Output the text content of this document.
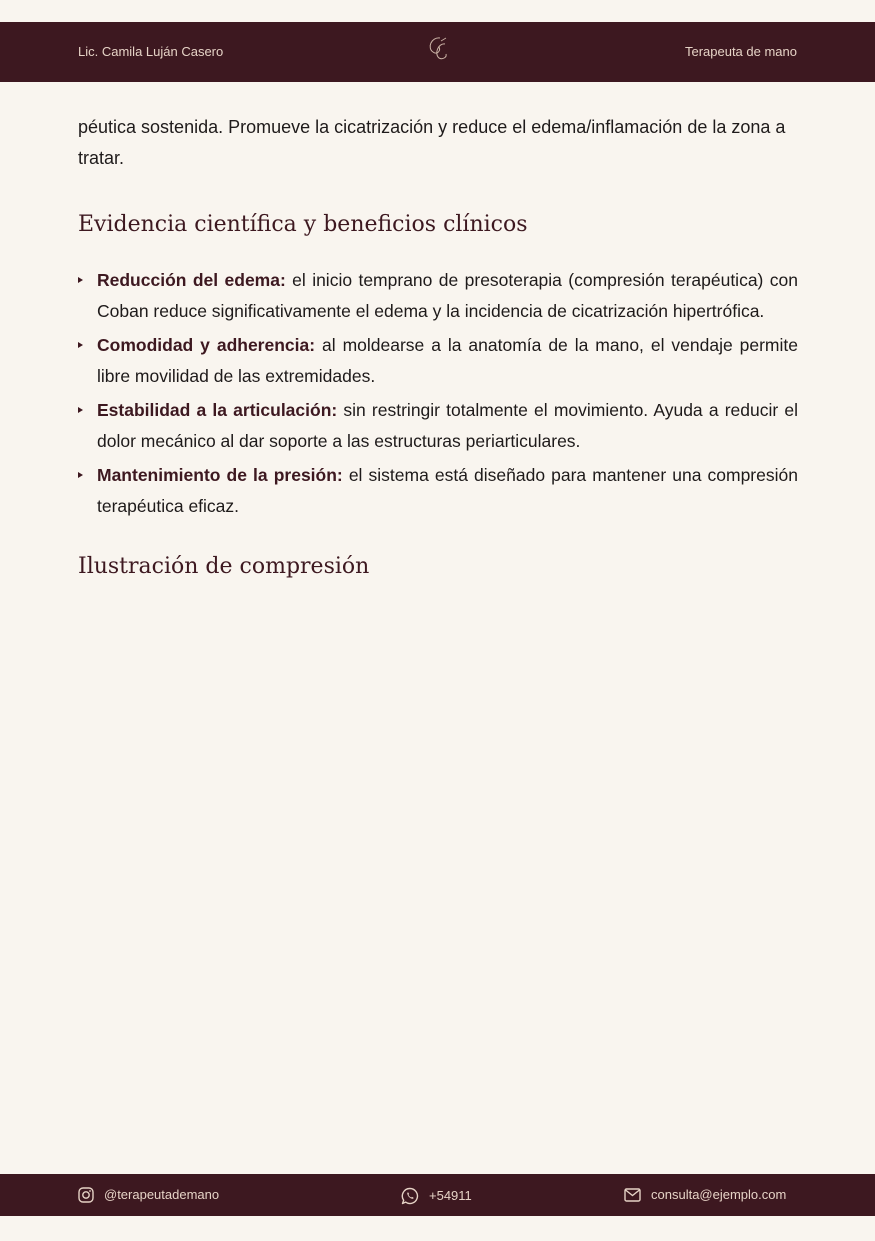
Lic. Camila Luján Casero	Terapeuta de mano

péutica sostenida. Promueve la cicatrización y reduce el edema/inflamación de la zona a tratar.

Evidencia científica y beneficios clínicos
Reducción del edema: el inicio temprano de presoterapia (compresión terapéutica) con Coban reduce significativamente el edema y la incidencia de cicatrización hipertrófica.
Comodidad y adherencia: al moldearse a la anatomía de la mano, el vendaje permite libre movilidad de las extremidades.
Estabilidad a la articulación: sin restringir totalmente el movimiento. Ayuda a reducir el dolor mecánico al dar soporte a las estructuras periarticulares.
Mantenimiento de la presión: el sistema está diseñado para mantener una compresión terapéutica eficaz.
Ilustración de compresión
@terapeutademano	+54911	consulta@ejemplo.com
